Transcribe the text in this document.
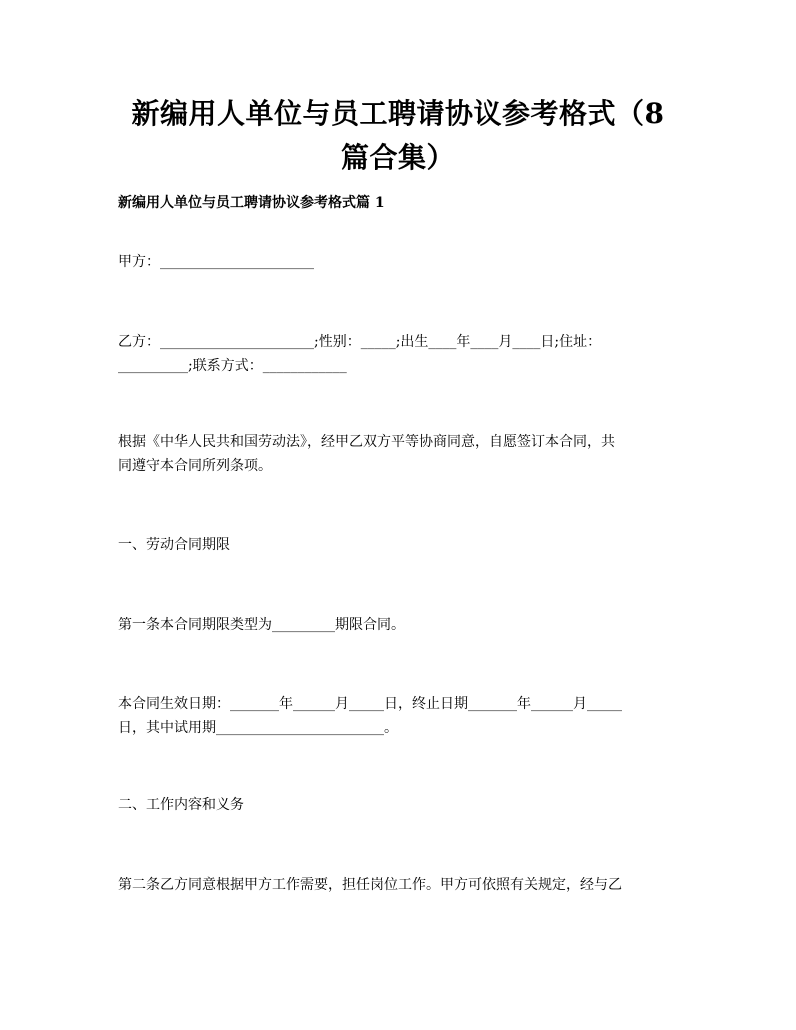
新编用人单位与员工聘请协议参考格式（8
篇合集）
新编用人单位与员工聘请协议参考格式篇 1
甲方：______________________
乙方：______________________;性别：_____;出生____年____月____日;住址：
__________;联系方式：____________
根据《中华人民共和国劳动法》，经甲乙双方平等协商同意，自愿签订本合同，共
同遵守本合同所列条项。
一、劳动合同期限
第一条本合同期限类型为_________期限合同。
本合同生效日期：_______年______月_____日，终止日期_______年______月_____
日，其中试用期________________________。
二、工作内容和义务
第二条乙方同意根据甲方工作需要，担任岗位工作。甲方可依照有关规定，经与乙
